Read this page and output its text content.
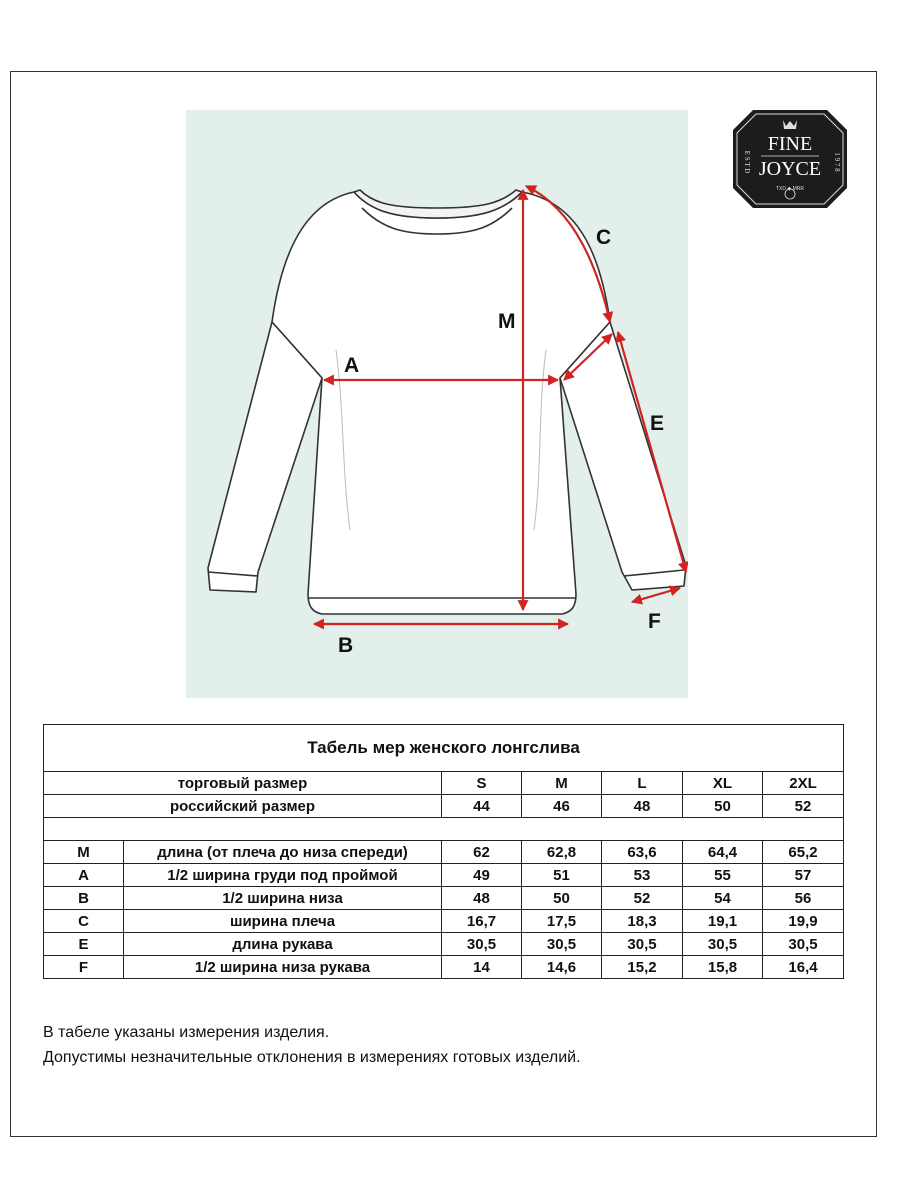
C
M
A
E
F
B
FINE
JOYCE
E S T D	1 9 7 8
TXD ◆ MRR
Табель мер женского лонгслива						
торговый размер		S	M	L	XL	2XL
российский размер		44	46	48	50	52

M	длина (от плеча до низа спереди)	62	62,8	63,6	64,4	65,2
A	1/2 ширина груди под проймой	49	51	53	55	57
B	1/2 ширина низа	48	50	52	54	56
C	ширина плеча	16,7	17,5	18,3	19,1	19,9
E	длина рукава	30,5	30,5	30,5	30,5	30,5
F	1/2 ширина низа рукава	14	14,6	15,2	15,8	16,4
В табеле указаны измерения изделия.
Допустимы незначительные отклонения в измерениях готовых изделий.
